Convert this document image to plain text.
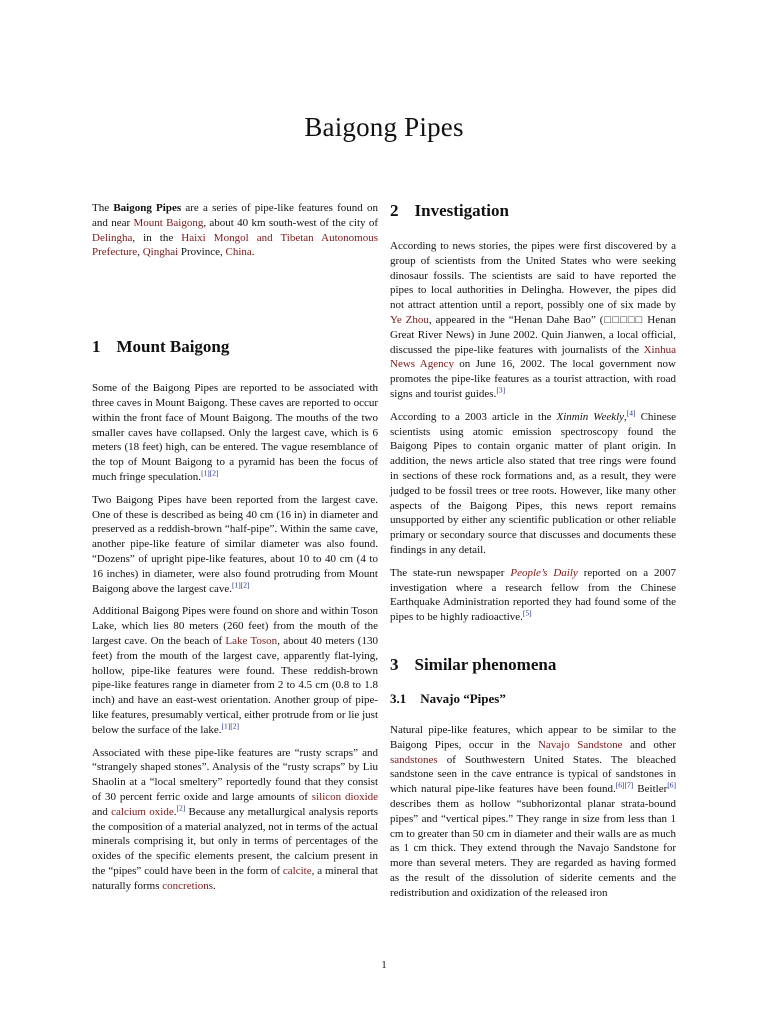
Baigong Pipes

The Baigong Pipes are a series of pipe-like features found on and near Mount Baigong, about 40 km south-west of the city of Delingha, in the Haixi Mongol and Tibetan Autonomous Prefecture, Qinghai Province, China.

1 Mount Baigong

Some of the Baigong Pipes are reported to be associated with three caves in Mount Baigong. These caves are reported to occur within the front face of Mount Baigong. The mouths of the two smaller caves have collapsed. Only the largest cave, which is 6 meters (18 feet) high, can be entered. The vague resemblance of the top of Mount Baigong to a pyramid has been the focus of much fringe speculation.[1][2]

Two Baigong Pipes have been reported from the largest cave. One of these is described as being 40 cm (16 in) in diameter and preserved as a reddish-brown “half-pipe”. Within the same cave, another pipe-like feature of similar diameter was also found. “Dozens” of upright pipe-like features, about 10 to 40 cm (4 to 16 inches) in diameter, were also found protruding from Mount Baigong above the largest cave.[1][2]

Additional Baigong Pipes were found on shore and within Toson Lake, which lies 80 meters (260 feet) from the mouth of the largest cave. On the beach of Lake Toson, about 40 meters (130 feet) from the mouth of the largest cave, apparently flat-lying, hollow, pipe-like features were found. These reddish-brown pipe-like features range in diameter from 2 to 4.5 cm (0.8 to 1.8 inch) and have an east-west orientation. Another group of pipe-like features, presumably vertical, either protrude from or lie just below the surface of the lake.[1][2]

Associated with these pipe-like features are “rusty scraps” and “strangely shaped stones”. Analysis of the “rusty scraps” by Liu Shaolin at a “local smeltery” reportedly found that they consist of 30 percent ferric oxide and large amounts of silicon dioxide and calcium oxide.[2] Because any metallurgical analysis reports the composition of a material analyzed, not in terms of the actual minerals comprising it, but only in terms of percentages of the oxides of the specific elements present, the calcium present in the “pipes” could have been in the form of calcite, a mineral that naturally forms concretions.

2 Investigation

According to news stories, the pipes were first discovered by a group of scientists from the United States who were seeking dinosaur fossils. The scientists are said to have reported the pipes to local authorities in Delingha. However, the pipes did not attract attention until a report, possibly one of six made by Ye Zhou, appeared in the “Henan Dahe Bao” (□□□□□ Henan Great River News) in June 2002. Quin Jianwen, a local official, discussed the pipe-like features with journalists of the Xinhua News Agency on June 16, 2002. The local government now promotes the pipe-like features as a tourist attraction, with road signs and tourist guides.[3]

According to a 2003 article in the Xinmin Weekly,[4] Chinese scientists using atomic emission spectroscopy found the Baigong Pipes to contain organic matter of plant origin. In addition, the news article also stated that tree rings were found in sections of these rock formations and, as a result, they were judged to be fossil trees or tree roots. However, like many other aspects of the Baigong Pipes, this news report remains unsupported by either any scientific publication or other reliable primary or secondary source that discusses and documents these findings in any detail.

The state-run newspaper People’s Daily reported on a 2007 investigation where a research fellow from the Chinese Earthquake Administration reported they had found some of the pipes to be highly radioactive.[5]

3 Similar phenomena
3.1 Navajo “Pipes”

Natural pipe-like features, which appear to be similar to the Baigong Pipes, occur in the Navajo Sandstone and other sandstones of Southwestern United States. The bleached sandstone seen in the cave entrance is typical of sandstones in which natural pipe-like features have been found.[6][7] Beitler[6] describes them as hollow “subhorizontal planar strata-bound pipes” and “vertical pipes.” They range in size from less than 1 cm to greater than 50 cm in diameter and their walls are as much as 1 cm thick. They extend through the Navajo Sandstone for more than several meters. They are regarded as having formed as the result of the dissolution of siderite cements and the redistribution and oxidization of the released iron

1
